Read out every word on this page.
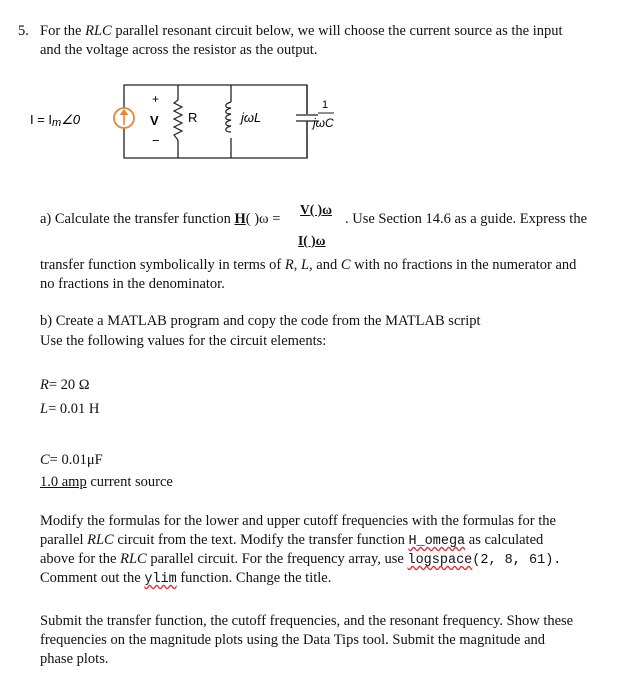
5. For the RLC parallel resonant circuit below, we will choose the current source as the input
and the voltage across the resistor as the output.
I = Im∠0
+
V
−
R	jωL
1
jωC
a) Calculate the transfer function H( )ω =
V( )ω
I( )ω
. Use Section 14.6 as a guide. Express the
transfer function symbolically in terms of R, L, and C with no fractions in the numerator and
no fractions in the denominator.
b) Create a MATLAB program and copy the code from the MATLAB script
Use the following values for the circuit elements:
R= 20 Ω
L= 0.01 H
C= 0.01μF
1.0 amp current source
Modify the formulas for the lower and upper cutoff frequencies with the formulas for the
parallel RLC circuit from the text. Modify the transfer function H_omega as calculated
above for the RLC parallel circuit. For the frequency array, use logspace(2, 8, 61).
Comment out the ylim function. Change the title.
Submit the transfer function, the cutoff frequencies, and the resonant frequency. Show these
frequencies on the magnitude plots using the Data Tips tool. Submit the magnitude and
phase plots.
